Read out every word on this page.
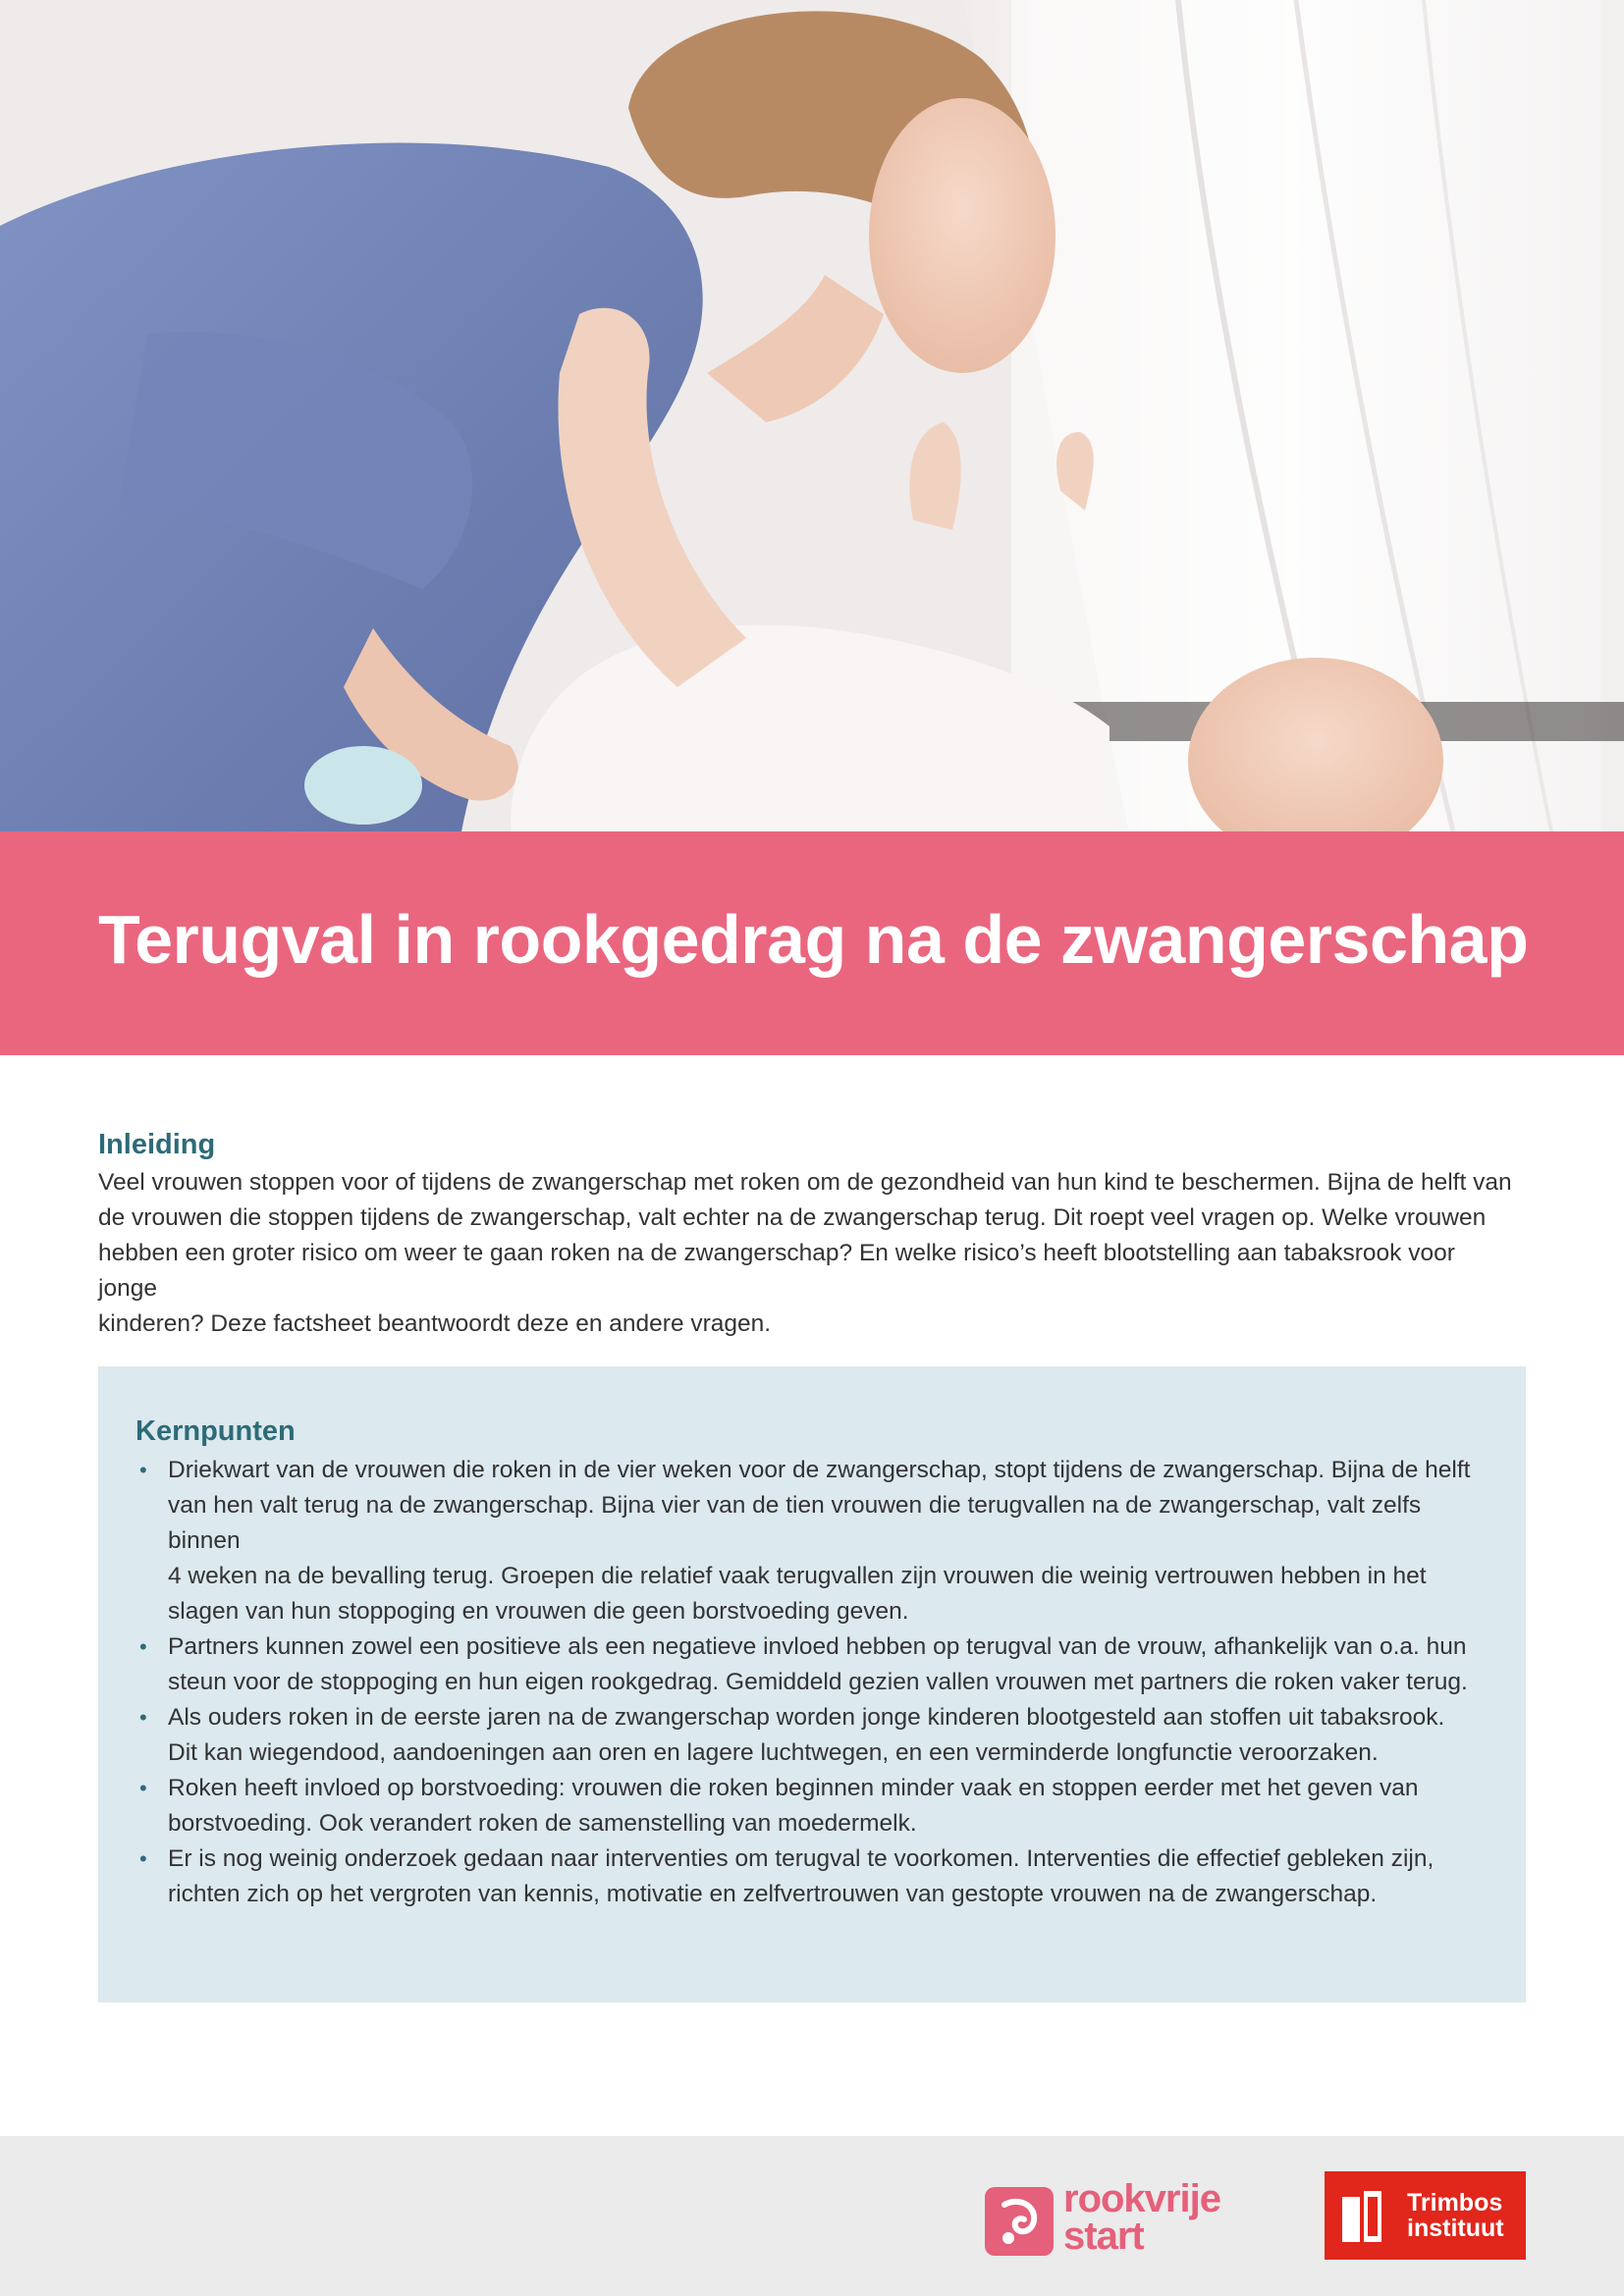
Terugval in rookgedrag na de zwangerschap
Inleiding

Veel vrouwen stoppen voor of tijdens de zwangerschap met roken om de gezondheid van hun kind te beschermen. Bijna de helft van
de vrouwen die stoppen tijdens de zwangerschap, valt echter na de zwangerschap terug. Dit roept veel vragen op. Welke vrouwen
hebben een groter risico om weer te gaan roken na de zwangerschap? En welke risico’s heeft blootstelling aan tabaksrook voor jonge
kinderen? Deze factsheet beantwoordt deze en andere vragen.

Kernpunten
• Driekwart van de vrouwen die roken in de vier weken voor de zwangerschap, stopt tijdens de zwangerschap. Bijna de helft
van hen valt terug na de zwangerschap. Bijna vier van de tien vrouwen die terugvallen na de zwangerschap, valt zelfs binnen
4 weken na de bevalling terug. Groepen die relatief vaak terugvallen zijn vrouwen die weinig vertrouwen hebben in het
slagen van hun stoppoging en vrouwen die geen borstvoeding geven.
• Partners kunnen zowel een positieve als een negatieve invloed hebben op terugval van de vrouw, afhankelijk van o.a. hun
steun voor de stoppoging en hun eigen rookgedrag. Gemiddeld gezien vallen vrouwen met partners die roken vaker terug.
• Als ouders roken in de eerste jaren na de zwangerschap worden jonge kinderen blootgesteld aan stoffen uit tabaksrook.
Dit kan wiegendood, aandoeningen aan oren en lagere luchtwegen, en een verminderde longfunctie veroorzaken.
• Roken heeft invloed op borstvoeding: vrouwen die roken beginnen minder vaak en stoppen eerder met het geven van
borstvoeding. Ook verandert roken de samenstelling van moedermelk.
• Er is nog weinig onderzoek gedaan naar interventies om terugval te voorkomen. Interventies die effectief gebleken zijn,
richten zich op het vergroten van kennis, motivatie en zelfvertrouwen van gestopte vrouwen na de zwangerschap.
rookvrije
start
Trimbos
instituut
